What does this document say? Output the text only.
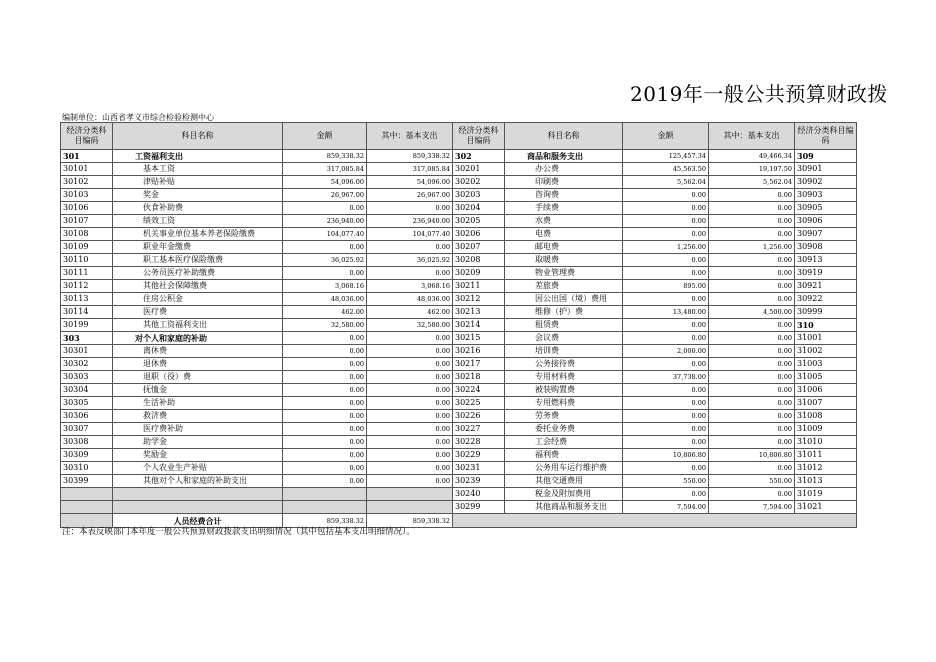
2019年一般公共预算财政拨
编制单位：山西省孝义市综合检验检测中心
经济分类科目编码	科目名称	金额	其中：基本支出	经济分类科目编码	科目名称	金额	其中：基本支出	经济分类科目编码
301	工资福利支出	859,338.32	859,338.32	302	商品和服务支出	125,457.34	49,466.34	309
30101	基本工资	317,085.84	317,085.84	30201	办公费	45,563.50	19,197.50	30901
30102	津贴补贴	54,096.00	54,096.00	30202	印刷费	5,562.04	5,562.04	30902
30103	奖金	26,967.00	26,967.00	30203	咨询费	0.00	0.00	30903
30106	伙食补助费	0.00	0.00	30204	手续费	0.00	0.00	30905
30107	绩效工资	236,940.00	236,940.00	30205	水费	0.00	0.00	30906
30108	机关事业单位基本养老保险缴费	104,077.40	104,077.40	30206	电费	0.00	0.00	30907
30109	职业年金缴费	0.00	0.00	30207	邮电费	1,256.00	1,256.00	30908
30110	职工基本医疗保险缴费	36,025.92	36,025.92	30208	取暖费	0.00	0.00	30913
30111	公务员医疗补助缴费	0.00	0.00	30209	物业管理费	0.00	0.00	30919
30112	其他社会保障缴费	3,068.16	3,068.16	30211	差旅费	895.00	0.00	30921
30113	住房公积金	48,036.00	48,036.00	30212	因公出国（境）费用	0.00	0.00	30922
30114	医疗费	462.00	462.00	30213	维修（护）费	13,480.00	4,500.00	30999
30199	其他工资福利支出	32,580.00	32,580.00	30214	租赁费	0.00	0.00	310
303	对个人和家庭的补助	0.00	0.00	30215	会议费	0.00	0.00	31001
30301	离休费	0.00	0.00	30216	培训费	2,000.00	0.00	31002
30302	退休费	0.00	0.00	30217	公务接待费	0.00	0.00	31003
30303	退职（役）费	0.00	0.00	30218	专用材料费	37,738.00	0.00	31005
30304	抚恤金	0.00	0.00	30224	被装购置费	0.00	0.00	31006
30305	生活补助	0.00	0.00	30225	专用燃料费	0.00	0.00	31007
30306	救济费	0.00	0.00	30226	劳务费	0.00	0.00	31008
30307	医疗费补助	0.00	0.00	30227	委托业务费	0.00	0.00	31009
30308	助学金	0.00	0.00	30228	工会经费	0.00	0.00	31010
30309	奖励金	0.00	0.00	30229	福利费	10,806.80	10,806.80	31011
30310	个人农业生产补贴	0.00	0.00	30231	公务用车运行维护费	0.00	0.00	31012
30399	其他对个人和家庭的补助支出	0.00	0.00	30239	其他交通费用	550.00	550.00	31013
				30240	税金及附加费用	0.00	0.00	31019
				30299	其他商品和服务支出	7,594.00	7,594.00	31021
	人员经费合计	859,338.32	859,338.32					
注：本表反映部门本年度一般公共预算财政拨款支出明细情况（其中包括基本支出明细情况）。
